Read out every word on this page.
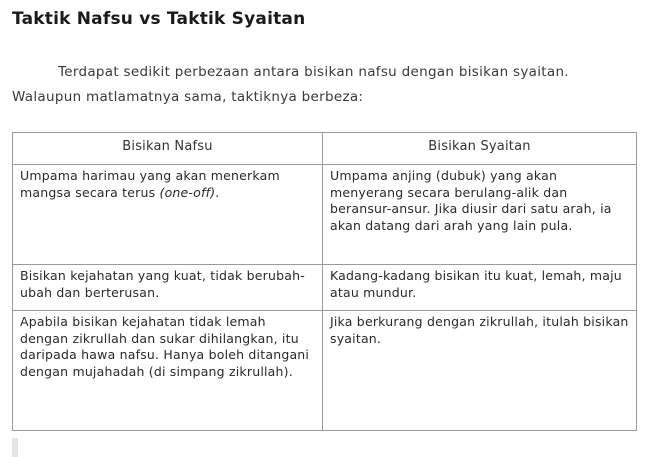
Taktik Nafsu vs Taktik Syaitan

Terdapat sedikit perbezaan antara bisikan nafsu dengan bisikan syaitan. Walaupun matlamatnya sama, taktiknya berbeza:

Bisikan Nafsu	Bisikan Syaitan
Umpama harimau yang akan menerkam mangsa secara terus (one-off).	Umpama anjing (dubuk) yang akan menyerang secara berulang-alik dan beransur-ansur. Jika diusir dari satu arah, ia akan datang dari arah yang lain pula.
Bisikan kejahatan yang kuat, tidak berubah-ubah dan berterusan.	Kadang-kadang bisikan itu kuat, lemah, maju atau mundur.
Apabila bisikan kejahatan tidak lemah dengan zikrullah dan sukar dihilangkan, itu daripada hawa nafsu. Hanya boleh ditangani dengan mujahadah (di simpang zikrullah).	Jika berkurang dengan zikrullah, itulah bisikan syaitan.
